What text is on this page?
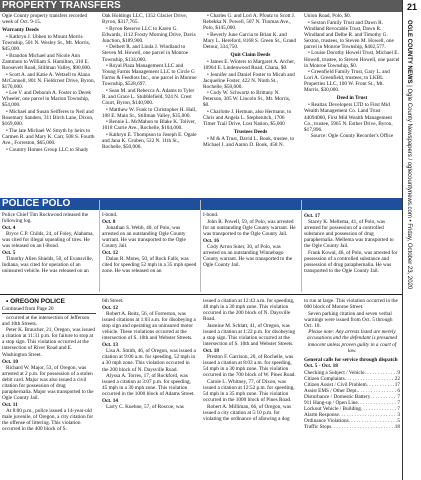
PROPERTY TRANSFERS

Ogle County property transfers recorded week of Oct. 9-15.

Warranty Deeds

• Kathryn J. Ubben to Mount Morris Township, 501 N. Wesley St., Mt. Morris, $45,000.

• Brandon Michael and Nicole Ann Zammuto to William S. Hamilton, 310 E. Roosevelt Road, Stillman Valley, $90,000.

• Scott A. and Katie A. Wetzell to Alana McConnell, 801 N. Fieldcrest Drive, Byron, $170,000.

• Lee V. and Deborah A. Foster to Derek Wheeler, one parcel in Marion Township, $54,000.

• Michael and Susan Seifferes to Neil and Rosemary Sanders, 311 Birch Lane, Dixon, $169,000.

• The late Michael W. Smyth by heirs to Carmen R. and Mary K. Carr, 508 S. Fourth Ave., Forreston, $65,000.

• Country Homes Group LLC to Shady

Oak Holdings LLC, 1352 Glacier Drive, Byron, $317,765.

• Byron Reserve LLC to Karen G. Edwards, 1112 Frosty Morning Drive, Davis Junction, $189,900.

• Delbert R. and Linda J. Windland to Steven M. Howell, one parcel in Monroe Township, $134,000.

• Royal Plaza Management LLC and Young Farms Management LLC to Circle G Farms & Feedlots Inc., one parcel in Monroe Township, $528,697.

• Sean M. and Rebecca A. Adams to Tyler R. and Grace L. Stubblefield, 924 N. Crest Court, Byron, $140,900.

• Matthew W. Funk to Christopher H. Hall, 108 E. Main St., Stillman Valley, $35,000.

• Bennie L. McMahon to Blake K. Toliver, 1018 Carrie Ave., Rochelle, $104,000.

• Kathryn E. Thompson to Joseph E. Ogale and Jana K. Gruben, 522 N. 11th St., Rochelle, $50,000.

• Charles G. and Lori A. Pfoutz to Scott J. Rebekka N. Powell, 507 N. Thomas Ave., Polo, $145,000.

• Beverly June Garcia to Brian K. and Mary L. Hereford, 8168 S. Green St., Grand Detour, 334,750.

Quit Claim Deeds

• James E. Winters to Margaret A. Archer, 10964 E. Lindenwood Road, Chana, $0.

• Jennifer and Daniel Foster to Micah and Jacqueline Foster, 422 N. Ninth St., Rochelle, $50,000.

• Cody W. Schwartz to Brittany N. Peterson, 305 W. Lincoln St., Mt. Morris, $0.

• Charlotte J. Herman, also Hermann, to Chris and Angela L. Stephenitch, 1706 Timer Trail Drive, Lost Nation, $5,000

Trustees Deeds

• M & A Trust, David L. Book, trustee, to Michael J. and Aaron D. Book, 458 N.

Union Road, Polo, $0.

• Sexton Family Trust and Dawn R. Windland Revocable Trust, Dawn R. Windland and Delbe R. and Timothy G. Sexton, trustees, to Steven M. Howell, one parcel in Monroe Township, $402,577.

• Louise Dorothy Howell Trust, Michael E. Howell, trustee, to Steven Howell, one parcel in Monroe Township, $0.

• Greenfield Family Trust, Gary L. and Lori A. Greenfield, trustees, to LKBL Properties LLC, 100 W. Front St., Mt. Morris, $30,000.

Deed in Trust

• Realtax Developers LTD to First Mid Wealth Management Co. Land Trust 44094060, First Mid Wealth Management Co., trustee, 5965 N. Esther Drive, Byron, $17,896.

Source: Ogle County Recorder's Office

POLICE POLO

Police Chief Tim Rockwood released the following log.

Oct. 4

Bryce C.P. Childs, 24, of Foley, Alabama, was cited for illegal squealing of tires. He was released on an I-Bond.

Oct. 5

Timothy Allen Shields, 50, of Evansville, Indiana, was cited for operation of an uninsured vehicle. He was released on an

I-bond.

Oct. 8

Jonathan S. Webb, 40, of Polo, was arrested on an outstanding Ogle County warrant. He was transported to the Ogle County Jail.

Oct. 12

Dalan R. Motes, 50, of Rock Falls, was cited for speeding 52 mph in a 35 mph speed zone. He was released on an

I-bond.

John R. Powell, 59, of Polo, was arrested for an outstanding Ogle County warrant. He was transported to the Ogle County Jail.

Oct. 16

Cody Arron Suter, 30, of Polo, was arrested on an outstanding Winnebago County warrant. He was transported to the Ogle County Jail.

Oct. 17

Stacey K. Mellema, 41, of Polo, was arrested for possession of a controlled substance and possession of drug paraphernalia. Mellema was transported to the Ogle County Jail.

Frank Kowal, 46, of Polo, was arrested for possession of a controlled substance and possession of drug paraphernalia. He was transported to the Ogle County Jail.

• OREGON POLICE

Continued from Page 20

occurred at the intersection of Jefferson and 10th Streets.

Peter K. Braucher, 21, Oregon, was issued a citation at 11:31 p.m. for failure to stop at a stop sign. This violation occurred at the intersection of River Road and E. Washington Street.

Oct. 10

Richard W. Major, 53, of Oregon, was arrested at 2 p.m. for possession of a stolen debit card. Major was also issued a civil citation for possession of drug paraphernalia. Major was transported to the Ogle County Jail.

Oct. 11

At 8:00 p.m., police issued a 14-year-old male juvenile, of Oregon, a city citation for the offense of littering. This violation occurred in the 400 block of S.

6th Street.

Oct. 12

Robert A. Reitz, 56, of Forreston, was issued citations at 1:03 a.m. for disobeying a stop sign and operating an uninsured motor vehicle. These violations occurred at the intersection of S. 10th and Webster Streets.

Oct. 13

Lisa A. Smith, 46, of Oregon, was issued a citation at 9:06 a.m. for speeding, 52 mph in a 30 mph zone. This violation occurred in the 200 block of N. Daysville Road.

Alyssa A. Torres, 17, of Rockford, was issued a citation at 3:07 p.m. for speeding, 45 mph in a 30 mph zone. This violation occurred in the 1000 block of Adams Street.

Oct. 14

Larry C. Kuehne, 57, of Roscoe, was

issued a citation at 12:43 a.m. for speeding, 48 mph in a 30 mph zone. This violation occurred in the 200 block of N. Daysville Road.

Jasmine M. Schlatt, 41, of Oregon, was issued a citation at 1:22 p.m. for disobeying a stop sign. This violation occurred at the intersection of S. 10th and Webster Streets.

Oct. 18

Preston F. Garrison, 20, of Rochelle, was issued a citation at 8:03 a.m. for speeding, 54 mph in a 30 mph zone. This violation occurred in the 700 block of W. Pines Road.

Carole L. Whitney, 77, of Dixon, was issued a citation at 12:52 p.m. for speeding, 54 mph in a 35 mph zone. This violation occurred in the 1000 block of Pines Road.

Robert A. Milliman, 66, of Oregon, was issued a city citation at 5:10 p.m. for violating the ordinance of allowing a dog

to run at large. This violation occurred in the 600 block of Monroe Street.

Seven parking citation and seven verbal warnings were issued from Oct. 5 through Oct. 18.

Please note: Any arrests listed are merely accusations and the defendant is presumed innocent unless proven guilty in a court of law.

General calls for service through dispatch Oct. 5 - Oct. 18

Checking a Subject / Vehicle . . .	9
Citizen Complaints . . .	22
Citizen Assist / Civil Problem . . .	17
Assist EMS / Other Dept. . . .	6
Disturbance / Domestic Battery . . .	7
911 Hang-up / Open Line . . .	7
Lockout Vehicle / Building . . .	7
Alarm Response . . .	3
Ordinance Violations . . .	5
Traffic Stops . . .	18
21
OGLE COUNTY NEWS | Ogle County Newspapers / oglecountynews.com • Friday, October 23, 2020
